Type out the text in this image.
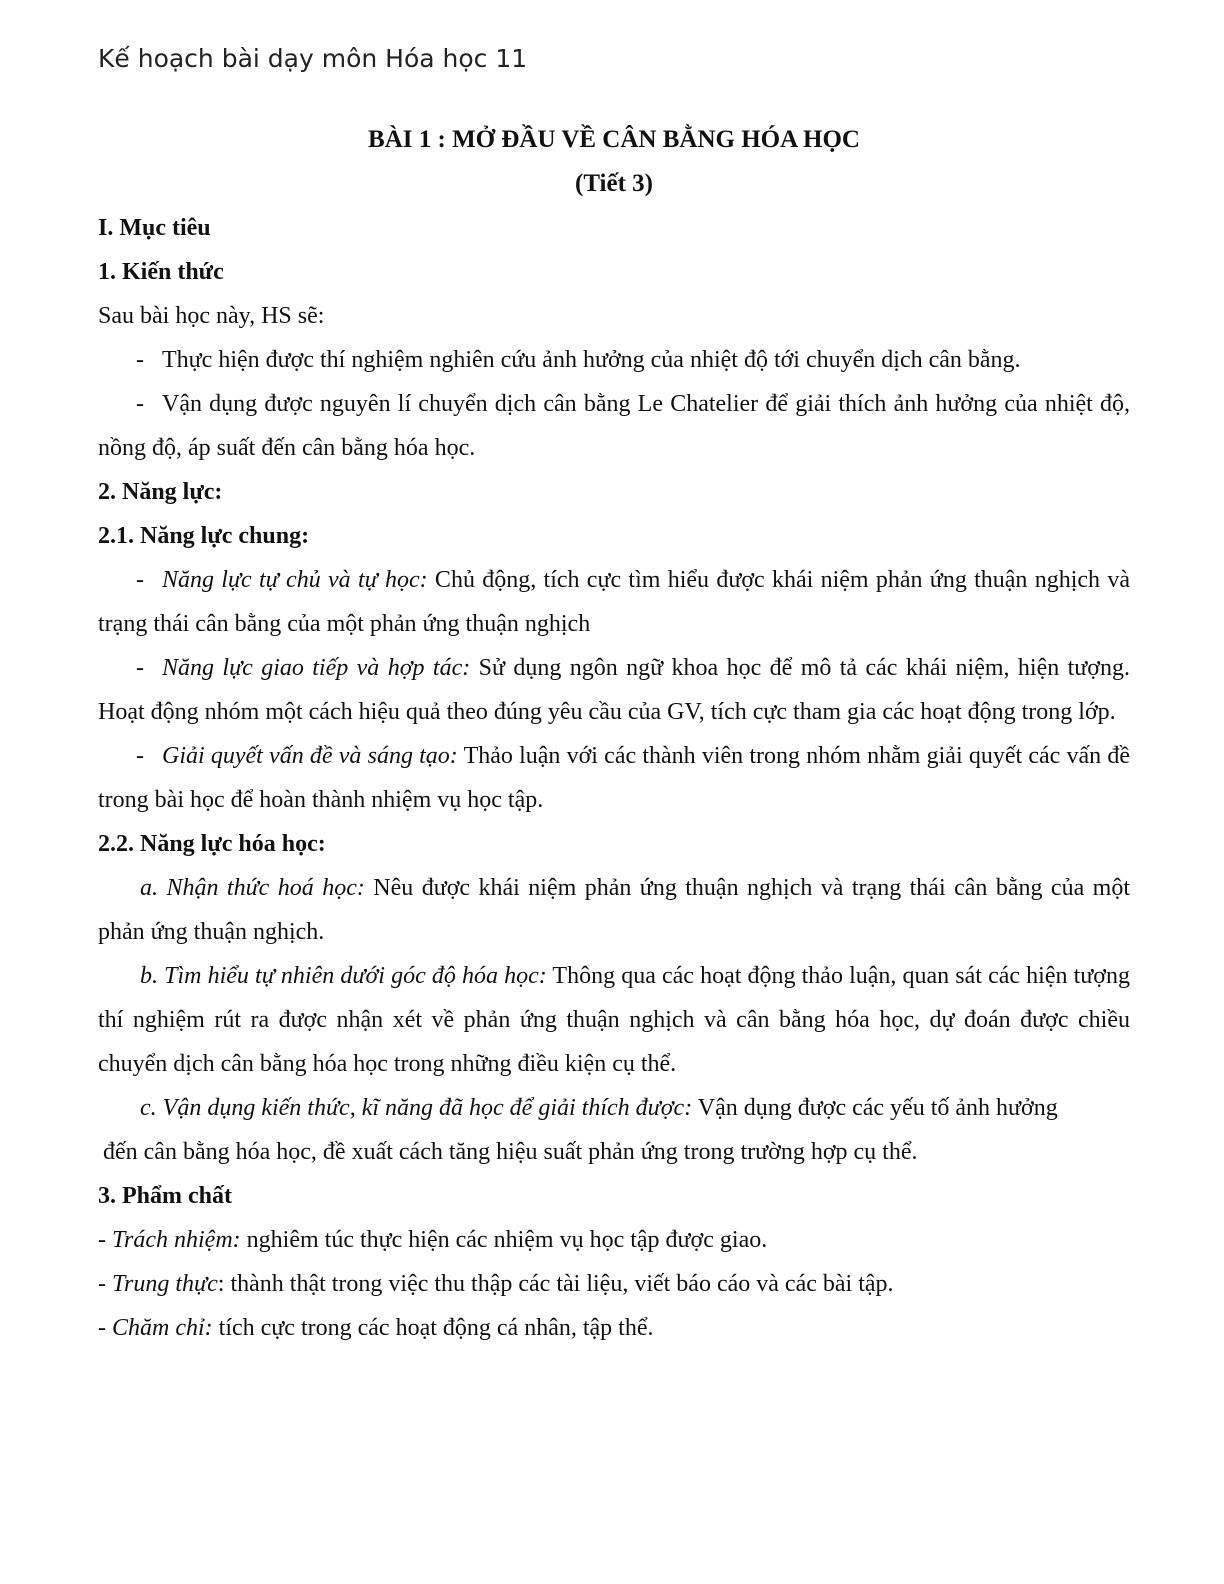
Kế hoạch bài dạy môn Hóa học 11
BÀI 1 : MỞ ĐẦU VỀ CÂN BẰNG HÓA HỌC
(Tiết 3)
I. Mục tiêu
1. Kiến thức
Sau bài học này, HS sẽ:
- Thực hiện được thí nghiệm nghiên cứu ảnh hưởng của nhiệt độ tới chuyển dịch cân bằng.
- Vận dụng được nguyên lí chuyển dịch cân bằng Le Chatelier để giải thích ảnh hưởng của nhiệt độ, nồng độ, áp suất đến cân bằng hóa học.
2. Năng lực:
2.1. Năng lực chung:
- Năng lực tự chủ và tự học: Chủ động, tích cực tìm hiểu được khái niệm phản ứng thuận nghịch và trạng thái cân bằng của một phản ứng thuận nghịch
- Năng lực giao tiếp và hợp tác: Sử dụng ngôn ngữ khoa học để mô tả các khái niệm, hiện tượng. Hoạt động nhóm một cách hiệu quả theo đúng yêu cầu của GV, tích cực tham gia các hoạt động trong lớp.
- Giải quyết vấn đề và sáng tạo: Thảo luận với các thành viên trong nhóm nhằm giải quyết các vấn đề trong bài học để hoàn thành nhiệm vụ học tập.
2.2. Năng lực hóa học:
a. Nhận thức hoá học: Nêu được khái niệm phản ứng thuận nghịch và trạng thái cân bằng của một phản ứng thuận nghịch.
b. Tìm hiểu tự nhiên dưới góc độ hóa học: Thông qua các hoạt động thảo luận, quan sát các hiện tượng thí nghiệm rút ra được nhận xét về phản ứng thuận nghịch và cân bằng hóa học, dự đoán được chiều chuyển dịch cân bằng hóa học trong những điều kiện cụ thể.
c. Vận dụng kiến thức, kĩ năng đã học để giải thích được: Vận dụng được các yếu tố ảnh hưởng
đến cân bằng hóa học, đề xuất cách tăng hiệu suất phản ứng trong trường hợp cụ thể.
3. Phẩm chất
- Trách nhiệm: nghiêm túc thực hiện các nhiệm vụ học tập được giao.
- Trung thực: thành thật trong việc thu thập các tài liệu, viết báo cáo và các bài tập.
- Chăm chỉ: tích cực trong các hoạt động cá nhân, tập thể.
